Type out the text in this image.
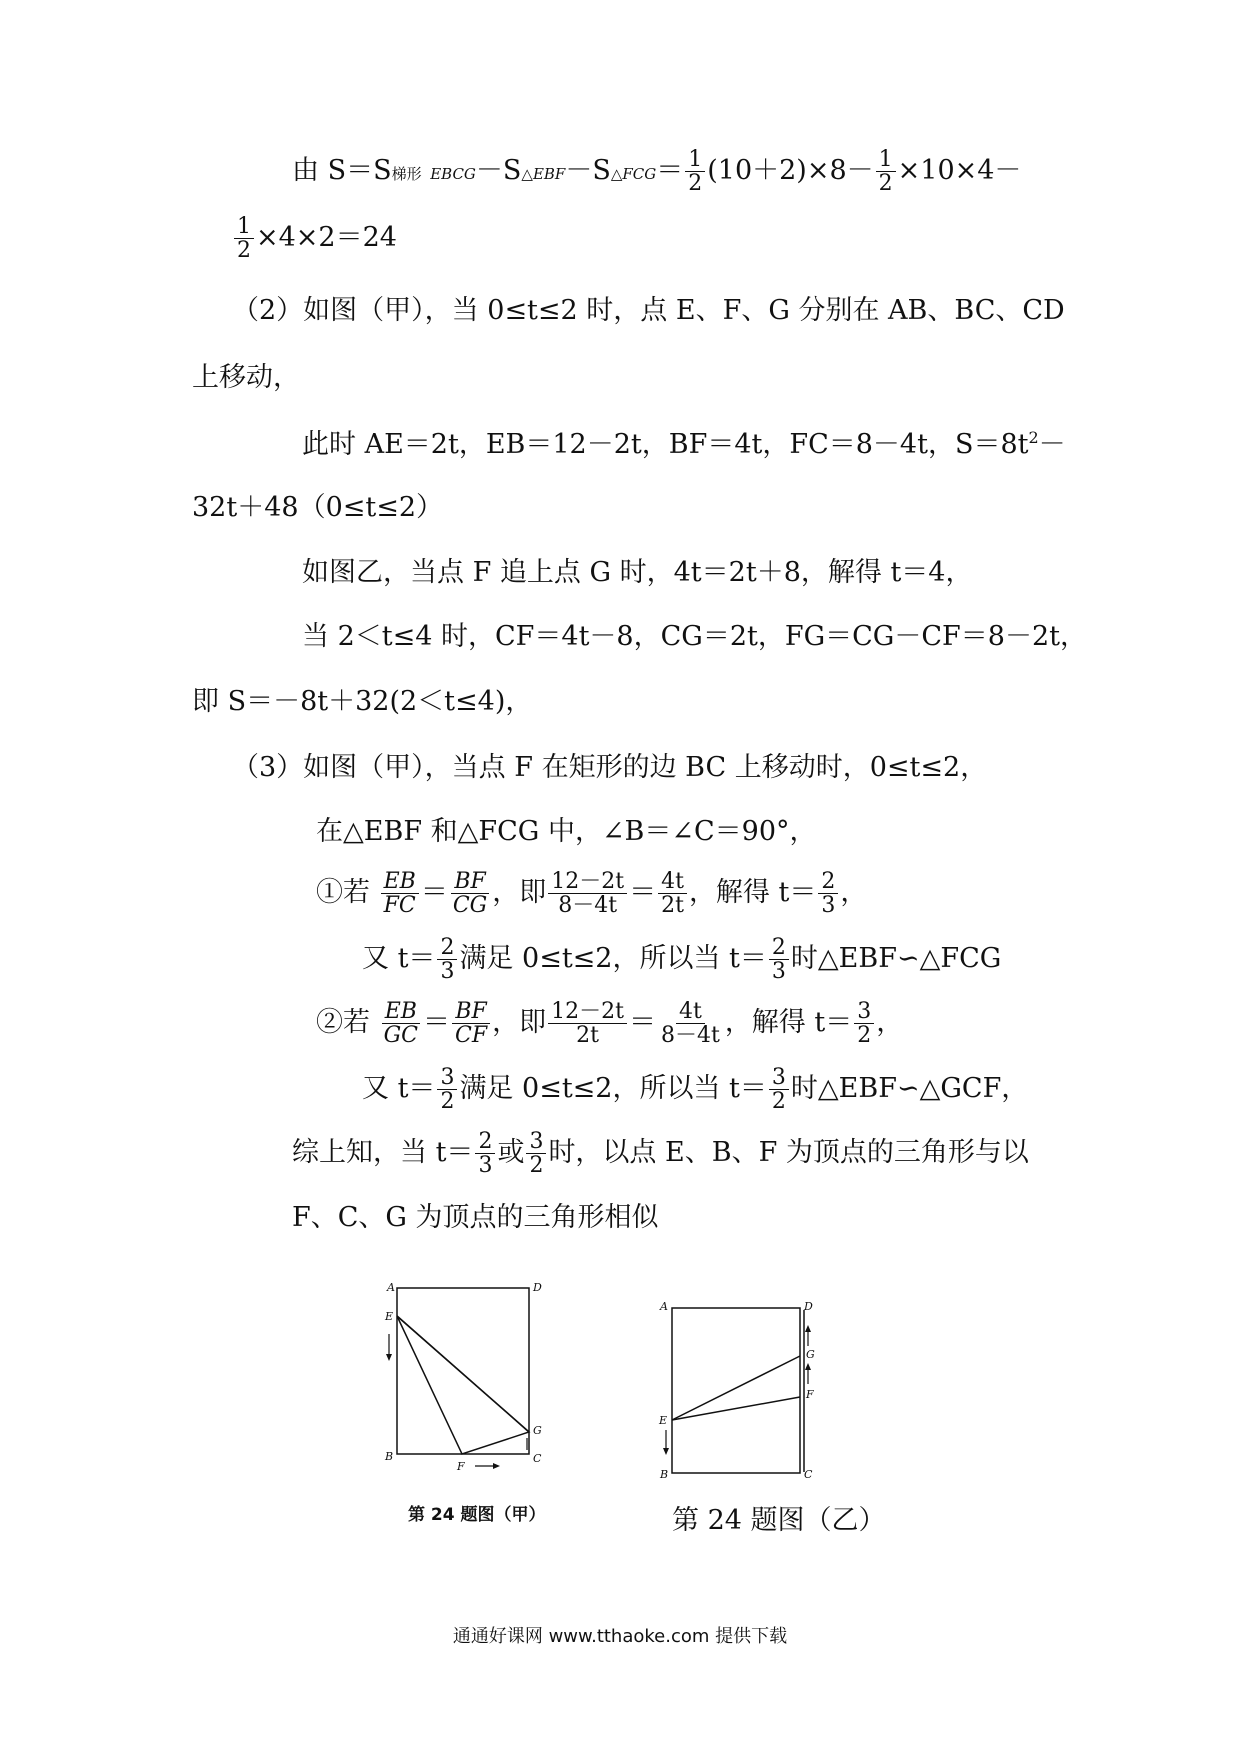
由 S＝S梯形 EBCG－S△EBF－S△FCG＝ $\frac{1}{2} (10+2)\times 8- \frac{1}{2} \times 10\times 4-$
$\frac{1}{2} \times 4\times 2=24$
（2）如图（甲），当 0≤t≤2 时，点 E、F、G 分别在 AB、BC、CD
上移动，
此时 AE＝2t，EB＝12－2t，BF＝4t，FC＝8－4t，$S=8t^2-$
32t＋48（0≤t≤2）
如图乙，当点 F 追上点 G 时，4t＝2t＋8，解得 t＝4，
当 2＜t≤4 时，CF＝4t－8，CG＝2t，FG＝CG－CF＝8－2t，
即 S＝－8t＋32(2＜t≤4)，
（3）如图（甲），当点 F 在矩形的边 BC 上移动时，0≤t≤2，
在△EBF 和△FCG 中，∠B＝∠C＝90°，
①若 $\frac{EB}{FC} = \frac{BF}{CG}$ ，即 $\frac{12-2t}{8-4t} = \frac{4t}{2t}$ ，解得 $t= \frac{2}{3}$ ，
又 $t= \frac{2}{3}$ 满足 0≤t≤2，所以当 $t= \frac{2}{3}$ 时△EBF∽△FCG
②若 $\frac{EB}{GC} = \frac{BF}{CF}$ ，即 $\frac{12-2t}{2t} = \frac{4t}{8-4t}$ ，解得 $t= \frac{3}{2}$ ，
又 $t= \frac{3}{2}$ 满足 0≤t≤2，所以当 $t= \frac{3}{2}$ 时△EBF∽△GCF，
综上知，当 $t= \frac{2}{3}$ 或 $\frac{3}{2}$ 时，以点 E、B、F 为顶点的三角形与以
F、C、G 为顶点的三角形相似
A	D
E
B
F
C
G
第 24 题图（甲）
A	D
E
B	C
G
F
第 24 题图（乙）
通通好课网 www.tthaoke.com 提供下载
